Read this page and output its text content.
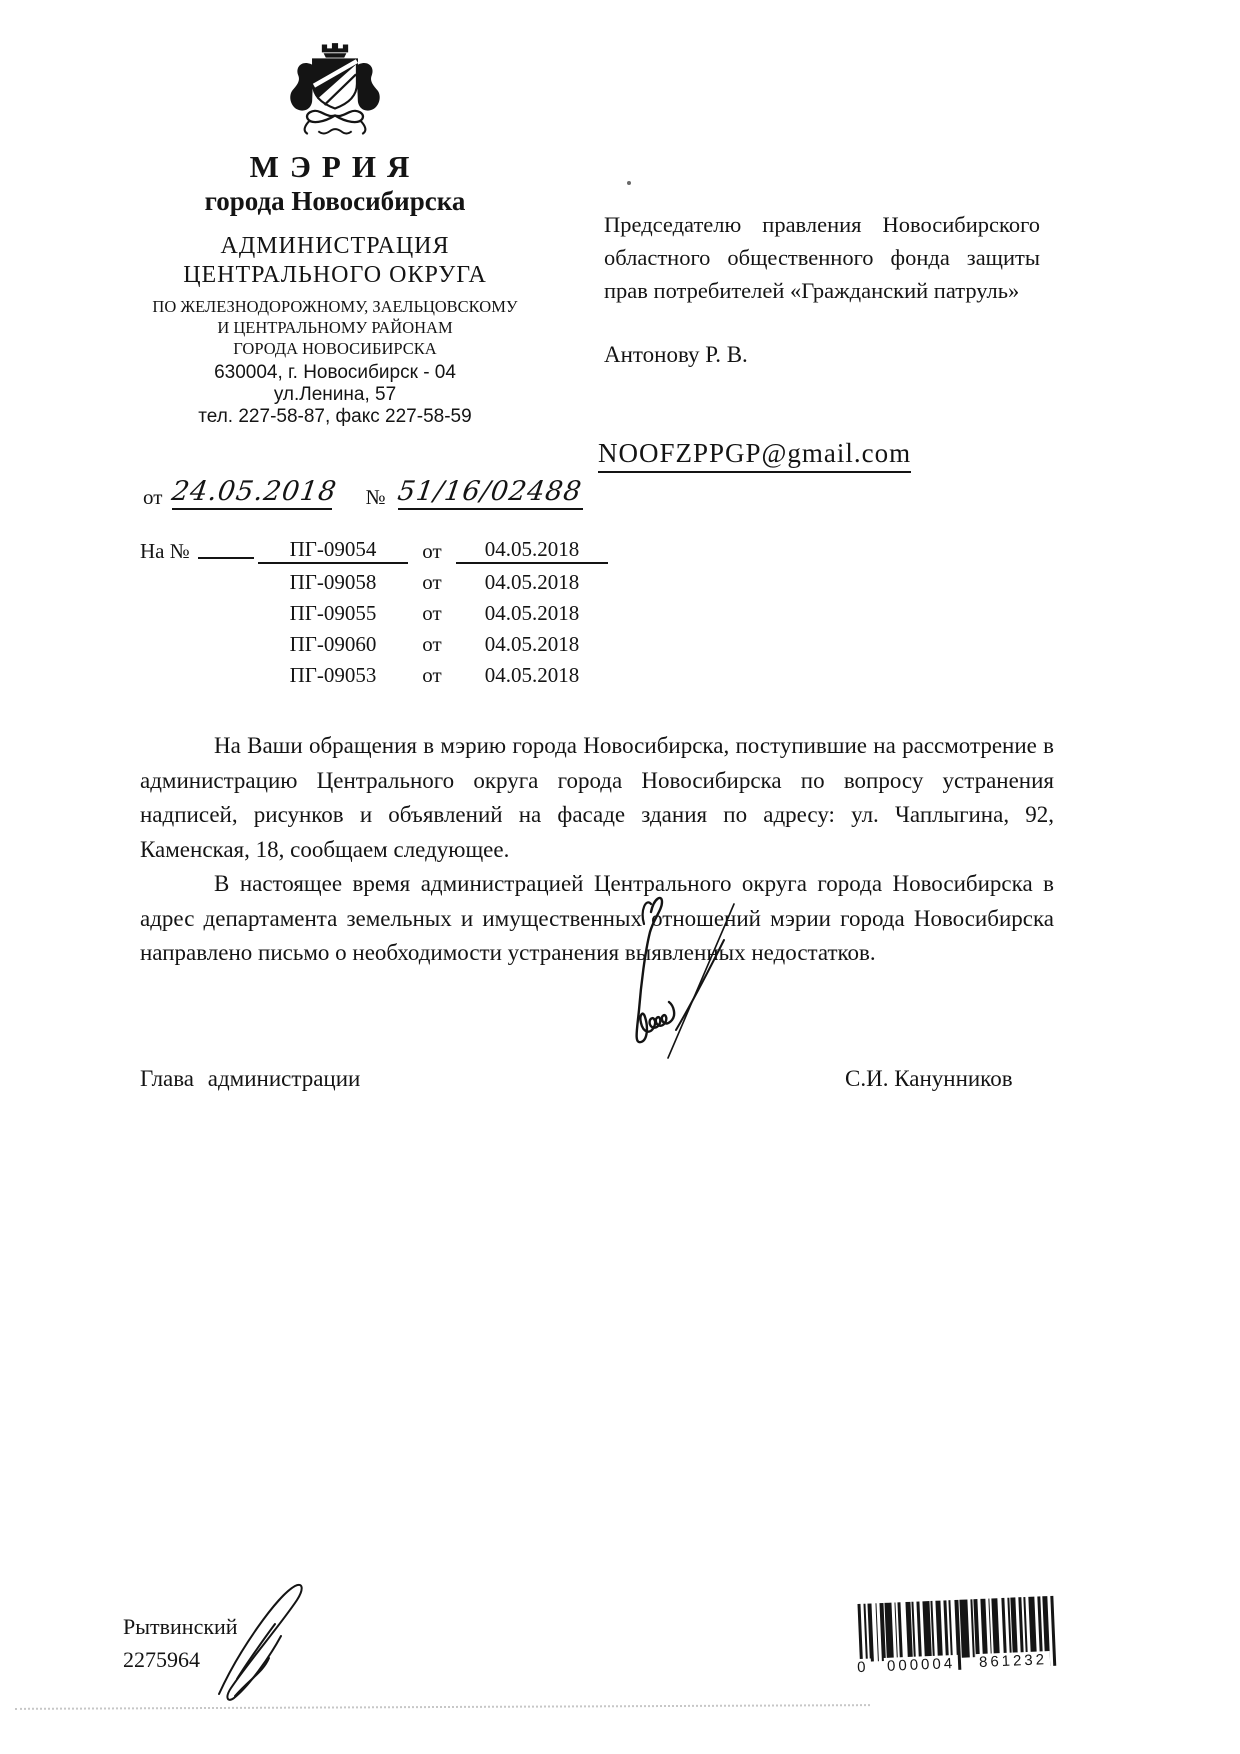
МЭРИЯ
города Новосибирска
АДМИНИСТРАЦИЯ
ЦЕНТРАЛЬНОГО ОКРУГА
ПО ЖЕЛЕЗНОДОРОЖНОМУ, ЗАЕЛЬЦОВСКОМУ
И ЦЕНТРАЛЬНОМУ РАЙОНАМ
ГОРОДА НОВОСИБИРСКА
630004, г. Новосибирск - 04
ул.Ленина, 57
тел. 227-58-87, факс 227-58-59
от 24.05.2018 № 51/16/02488
На №	ПГ-09054	от	04.05.2018
ПГ-09058	от	04.05.2018
ПГ-09055	от	04.05.2018
ПГ-09060	от	04.05.2018
ПГ-09053	от	04.05.2018
Председателю правления Новосибирского областного общественного фонда защиты прав потребителей «Гражданский патруль»
Антонову Р. В.
NOOFZPPGP@gmail.com

На Ваши обращения в мэрию города Новосибирска, поступившие на рассмотрение в администрацию Центрального округа города Новосибирска по вопросу устранения надписей, рисунков и объявлений на фасаде здания по адресу: ул. Чаплыгина, 92, Каменская, 18, сообщаем следующее.

В настоящее время администрацией Центрального округа города Новосибирска в адрес департамента земельных и имущественных отношений мэрии города Новосибирска направлено письмо о необходимости устранения выявленных недостатков.

Глава администрации	С.И. Канунников
Рытвинский
2275964	0 000004 861232
